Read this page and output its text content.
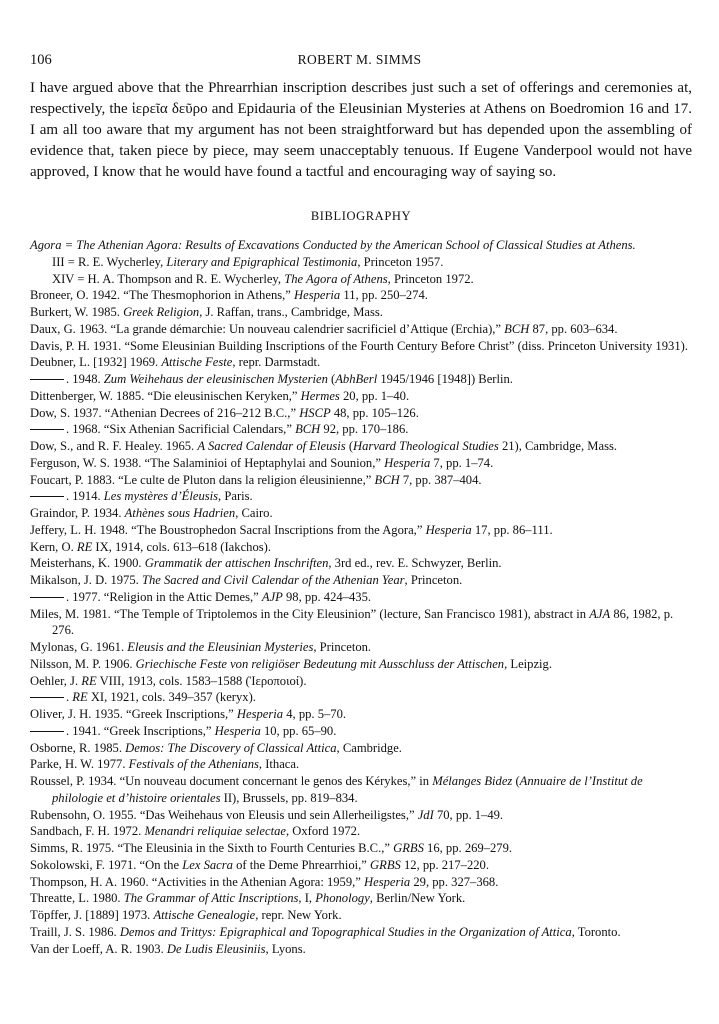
106	ROBERT M. SIMMS

I have argued above that the Phrearrhian inscription describes just such a set of offerings and ceremonies at, respectively, the ἱερεῖα δεῦρο and Epidauria of the Eleusinian Mysteries at Athens on Boedromion 16 and 17. I am all too aware that my argument has not been straightforward but has depended upon the assembling of evidence that, taken piece by piece, may seem unacceptably tenuous. If Eugene Vanderpool would not have approved, I know that he would have found a tactful and encouraging way of saying so.

BIBLIOGRAPHY

Agora = The Athenian Agora: Results of Excavations Conducted by the American School of Classical Studies at Athens.

III = R. E. Wycherley, Literary and Epigraphical Testimonia, Princeton 1957.

XIV = H. A. Thompson and R. E. Wycherley, The Agora of Athens, Princeton 1972.

Broneer, O. 1942. “The Thesmophorion in Athens,” Hesperia 11, pp. 250–274.

Burkert, W. 1985. Greek Religion, J. Raffan, trans., Cambridge, Mass.

Daux, G. 1963. “La grande démarchie: Un nouveau calendrier sacrificiel d’Attique (Erchia),” BCH 87, pp. 603–634.

Davis, P. H. 1931. “Some Eleusinian Building Inscriptions of the Fourth Century Before Christ” (diss. Princeton University 1931).

Deubner, L. [1932] 1969. Attische Feste, repr. Darmstadt.

. 1948. Zum Weihehaus der eleusinischen Mysterien (AbhBerl 1945/1946 [1948]) Berlin.

Dittenberger, W. 1885. “Die eleusinischen Keryken,” Hermes 20, pp. 1–40.

Dow, S. 1937. “Athenian Decrees of 216–212 B.C.,” HSCP 48, pp. 105–126.

. 1968. “Six Athenian Sacrificial Calendars,” BCH 92, pp. 170–186.

Dow, S., and R. F. Healey. 1965. A Sacred Calendar of Eleusis (Harvard Theological Studies 21), Cambridge, Mass.

Ferguson, W. S. 1938. “The Salaminioi of Heptaphylai and Sounion,” Hesperia 7, pp. 1–74.

Foucart, P. 1883. “Le culte de Pluton dans la religion éleusinienne,” BCH 7, pp. 387–404.

. 1914. Les mystères d’Éleusis, Paris.

Graindor, P. 1934. Athènes sous Hadrien, Cairo.

Jeffery, L. H. 1948. “The Boustrophedon Sacral Inscriptions from the Agora,” Hesperia 17, pp. 86–111.

Kern, O. RE IX, 1914, cols. 613–618 (Iakchos).

Meisterhans, K. 1900. Grammatik der attischen Inschriften, 3rd ed., rev. E. Schwyzer, Berlin.

Mikalson, J. D. 1975. The Sacred and Civil Calendar of the Athenian Year, Princeton.

. 1977. “Religion in the Attic Demes,” AJP 98, pp. 424–435.

Miles, M. 1981. “The Temple of Triptolemos in the City Eleusinion” (lecture, San Francisco 1981), abstract in AJA 86, 1982, p. 276.

Mylonas, G. 1961. Eleusis and the Eleusinian Mysteries, Princeton.

Nilsson, M. P. 1906. Griechische Feste von religiöser Bedeutung mit Ausschluss der Attischen, Leipzig.

Oehler, J. RE VIII, 1913, cols. 1583–1588 (Ἱεροποιοί).

. RE XI, 1921, cols. 349–357 (keryx).

Oliver, J. H. 1935. “Greek Inscriptions,” Hesperia 4, pp. 5–70.

. 1941. “Greek Inscriptions,” Hesperia 10, pp. 65–90.

Osborne, R. 1985. Demos: The Discovery of Classical Attica, Cambridge.

Parke, H. W. 1977. Festivals of the Athenians, Ithaca.

Roussel, P. 1934. “Un nouveau document concernant le genos des Kérykes,” in Mélanges Bidez (Annuaire de l’Institut de philologie et d’histoire orientales II), Brussels, pp. 819–834.

Rubensohn, O. 1955. “Das Weihehaus von Eleusis und sein Allerheiligstes,” JdI 70, pp. 1–49.

Sandbach, F. H. 1972. Menandri reliquiae selectae, Oxford 1972.

Simms, R. 1975. “The Eleusinia in the Sixth to Fourth Centuries B.C.,” GRBS 16, pp. 269–279.

Sokolowski, F. 1971. “On the Lex Sacra of the Deme Phrearrhioi,” GRBS 12, pp. 217–220.

Thompson, H. A. 1960. “Activities in the Athenian Agora: 1959,” Hesperia 29, pp. 327–368.

Threatte, L. 1980. The Grammar of Attic Inscriptions, I, Phonology, Berlin/New York.

Töpffer, J. [1889] 1973. Attische Genealogie, repr. New York.

Traill, J. S. 1986. Demos and Trittys: Epigraphical and Topographical Studies in the Organization of Attica, Toronto.

Van der Loeff, A. R. 1903. De Ludis Eleusiniis, Lyons.
